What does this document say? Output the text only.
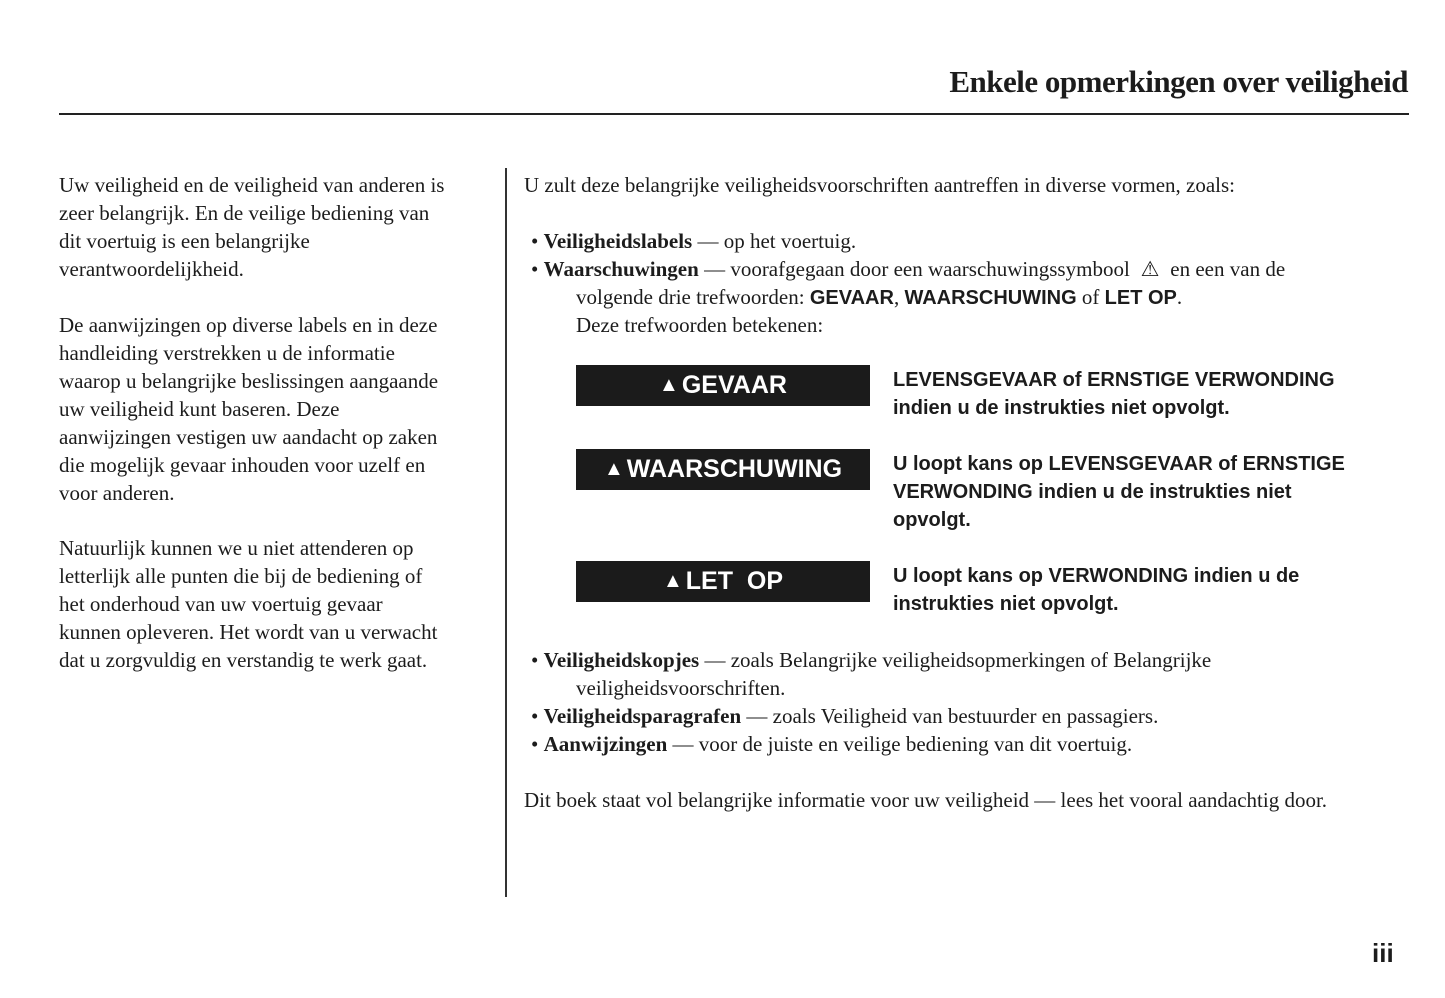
Enkele opmerkingen over veiligheid
Uw veiligheid en de veiligheid van anderen is
zeer belangrijk. En de veilige bediening van
dit voertuig is een belangrijke
verantwoordelijkheid.
De aanwijzingen op diverse labels en in deze
handleiding verstrekken u de informatie
waarop u belangrijke beslissingen aangaande
uw veiligheid kunt baseren. Deze
aanwijzingen vestigen uw aandacht op zaken
die mogelijk gevaar inhouden voor uzelf en
voor anderen.
Natuurlijk kunnen we u niet attenderen op
letterlijk alle punten die bij de bediening of
het onderhoud van uw voertuig gevaar
kunnen opleveren. Het wordt van u verwacht
dat u zorgvuldig en verstandig te werk gaat.
U zult deze belangrijke veiligheidsvoorschriften aantreffen in diverse vormen, zoals:
• Veiligheidslabels — op het voertuig.
• Waarschuwingen — voorafgegaan door een waarschuwingssymbool ⚠ en een van de
volgende drie trefwoorden: GEVAAR, WAARSCHUWING of LET OP.
Deze trefwoorden betekenen:
▲ GEVAAR	LEVENSGEVAAR of ERNSTIGE VERWONDING
indien u de instrukties niet opvolgt.
▲ WAARSCHUWING	U loopt kans op LEVENSGEVAAR of ERNSTIGE
VERWONDING indien u de instrukties niet
opvolgt.
▲ LET  OP	U loopt kans op VERWONDING indien u de
instrukties niet opvolgt.
• Veiligheidskopjes — zoals Belangrijke veiligheidsopmerkingen of Belangrijke
veiligheidsvoorschriften.
• Veiligheidsparagrafen — zoals Veiligheid van bestuurder en passagiers.
• Aanwijzingen — voor de juiste en veilige bediening van dit voertuig.
Dit boek staat vol belangrijke informatie voor uw veiligheid — lees het vooral aandachtig door.
iii
